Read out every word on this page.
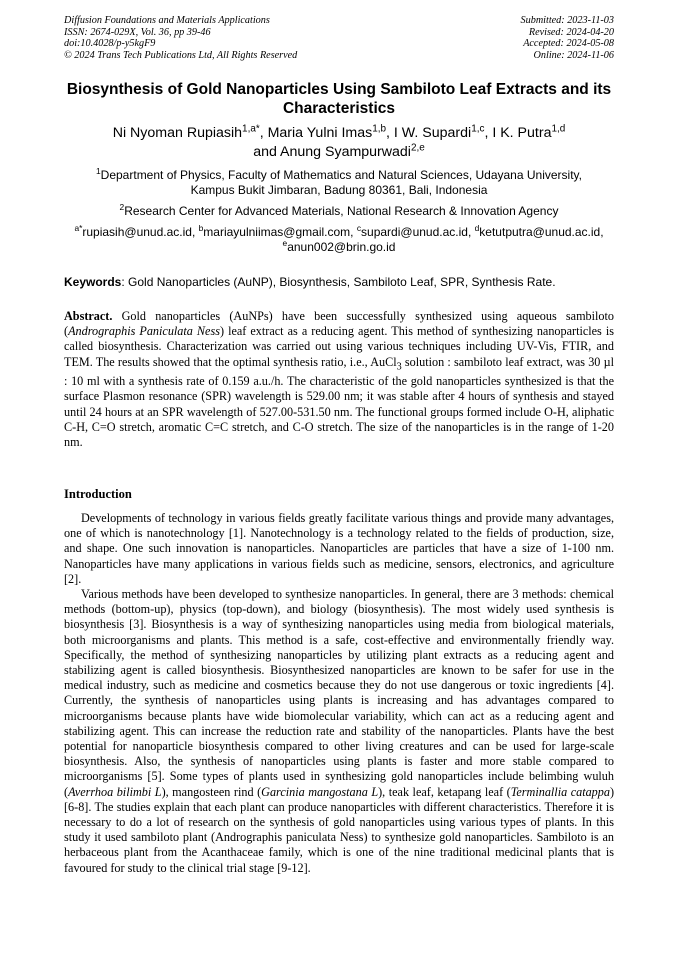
Diffusion Foundations and Materials Applications
ISSN: 2674-029X, Vol. 36, pp 39-46
doi:10.4028/p-y5kgF9
© 2024 Trans Tech Publications Ltd, All Rights Reserved
Submitted: 2023-11-03
Revised: 2024-04-20
Accepted: 2024-05-08
Online: 2024-11-06
Biosynthesis of Gold Nanoparticles Using Sambiloto Leaf Extracts and its Characteristics
Ni Nyoman Rupiasih$^{1,a*}$, Maria Yulni Imas$^{1,b}$, I W. Supardi$^{1,c}$, I K. Putra$^{1,d}$
and Anung Syampurwadi$^{2,e}$
$^1$Department of Physics, Faculty of Mathematics and Natural Sciences, Udayana University,
Kampus Bukit Jimbaran, Badung 80361, Bali, Indonesia
$^2$Research Center for Advanced Materials, National Research & Innovation Agency
$^{a*}$rupiasih@unud.ac.id, $^b$mariayulniimas@gmail.com, $^c$supardi@unud.ac.id, $^d$ketutputra@unud.ac.id,
$^e$anun002@brin.go.id
Keywords: Gold Nanoparticles (AuNP), Biosynthesis, Sambiloto Leaf, SPR, Synthesis Rate.

Abstract. Gold nanoparticles (AuNPs) have been successfully synthesized using aqueous sambiloto (Andrographis Paniculata Ness) leaf extract as a reducing agent. This method of synthesizing nanoparticles is called biosynthesis. Characterization was carried out using various techniques including UV-Vis, FTIR, and TEM. The results showed that the optimal synthesis ratio, i.e., AuCl$_3$ solution : sambiloto leaf extract, was 30 µl : 10 ml with a synthesis rate of 0.159 a.u./h. The characteristic of the gold nanoparticles synthesized is that the surface Plasmon resonance (SPR) wavelength is 529.00 nm; it was stable after 4 hours of synthesis and stayed until 24 hours at an SPR wavelength of 527.00-531.50 nm. The functional groups formed include O-H, aliphatic C-H, C=O stretch, aromatic C=C stretch, and C-O stretch. The size of the nanoparticles is in the range of 1-20 nm.

Introduction

Developments of technology in various fields greatly facilitate various things and provide many advantages, one of which is nanotechnology [1]. Nanotechnology is a technology related to the fields of production, size, and shape. One such innovation is nanoparticles. Nanoparticles are particles that have a size of 1-100 nm. Nanoparticles have many applications in various fields such as medicine, sensors, electronics, and agriculture [2].

Various methods have been developed to synthesize nanoparticles. In general, there are 3 methods: chemical methods (bottom-up), physics (top-down), and biology (biosynthesis). The most widely used synthesis is biosynthesis [3]. Biosynthesis is a way of synthesizing nanoparticles using media from biological materials, both microorganisms and plants. This method is a safe, cost-effective and environmentally friendly way. Specifically, the method of synthesizing nanoparticles by utilizing plant extracts as a reducing agent and stabilizing agent is called biosynthesis. Biosynthesized nanoparticles are known to be safer for use in the medical industry, such as medicine and cosmetics because they do not use dangerous or toxic ingredients [4]. Currently, the synthesis of nanoparticles using plants is increasing and has advantages compared to microorganisms because plants have wide biomolecular variability, which can act as a reducing agent and stabilizing agent. This can increase the reduction rate and stability of the nanoparticles. Plants have the best potential for nanoparticle biosynthesis compared to other living creatures and can be used for large-scale biosynthesis. Also, the synthesis of nanoparticles using plants is faster and more stable compared to microorganisms [5]. Some types of plants used in synthesizing gold nanoparticles include belimbing wuluh (Averrhoa bilimbi L), mangosteen rind (Garcinia mangostana L), teak leaf, ketapang leaf (Terminallia catappa) [6-8]. The studies explain that each plant can produce nanoparticles with different characteristics. Therefore it is necessary to do a lot of research on the synthesis of gold nanoparticles using various types of plants. In this study it used sambiloto plant (Andrographis paniculata Ness) to synthesize gold nanoparticles. Sambiloto is an herbaceous plant from the Acanthaceae family, which is one of the nine traditional medicinal plants that is favoured for study to the clinical trial stage [9-12].
